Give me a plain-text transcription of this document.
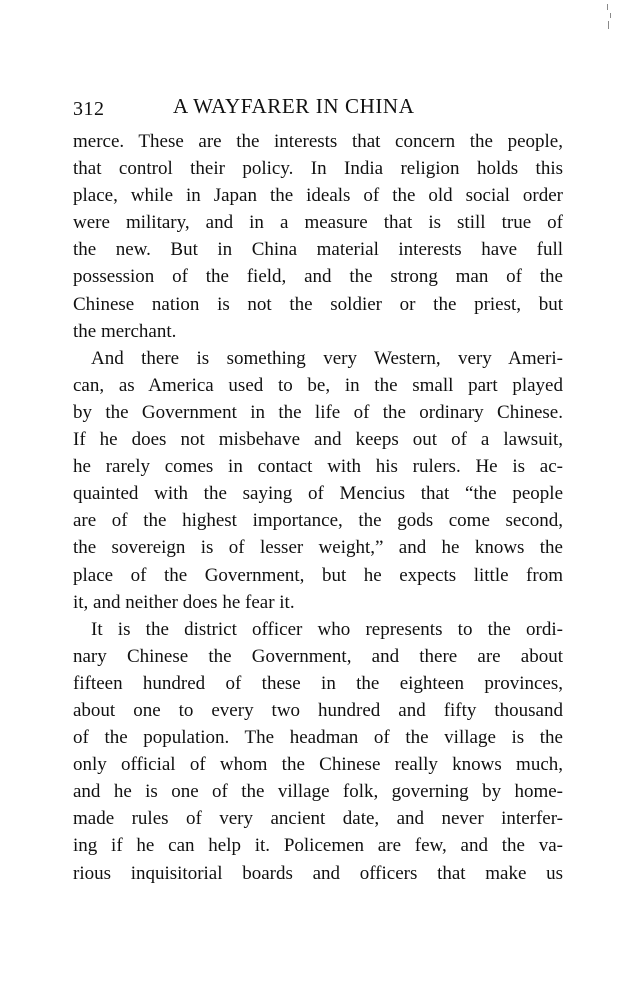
312	A WAYFARER IN CHINA

merce. These are the interests that concern the people,
that control their policy. In India religion holds this
place, while in Japan the ideals of the old social order
were military, and in a measure that is still true of
the new. But in China material interests have full
possession of the field, and the strong man of the
Chinese nation is not the soldier or the priest, but
the merchant.

And there is something very Western, very Ameri-
can, as America used to be, in the small part played
by the Government in the life of the ordinary Chinese.
If he does not misbehave and keeps out of a lawsuit,
he rarely comes in contact with his rulers. He is ac-
quainted with the saying of Mencius that “the people
are of the highest importance, the gods come second,
the sovereign is of lesser weight,” and he knows the
place of the Government, but he expects little from
it, and neither does he fear it.

It is the district officer who represents to the ordi-
nary Chinese the Government, and there are about
fifteen hundred of these in the eighteen provinces,
about one to every two hundred and fifty thousand
of the population. The headman of the village is the
only official of whom the Chinese really knows much,
and he is one of the village folk, governing by home-
made rules of very ancient date, and never interfer-
ing if he can help it. Policemen are few, and the va-
rious inquisitorial boards and officers that make us
